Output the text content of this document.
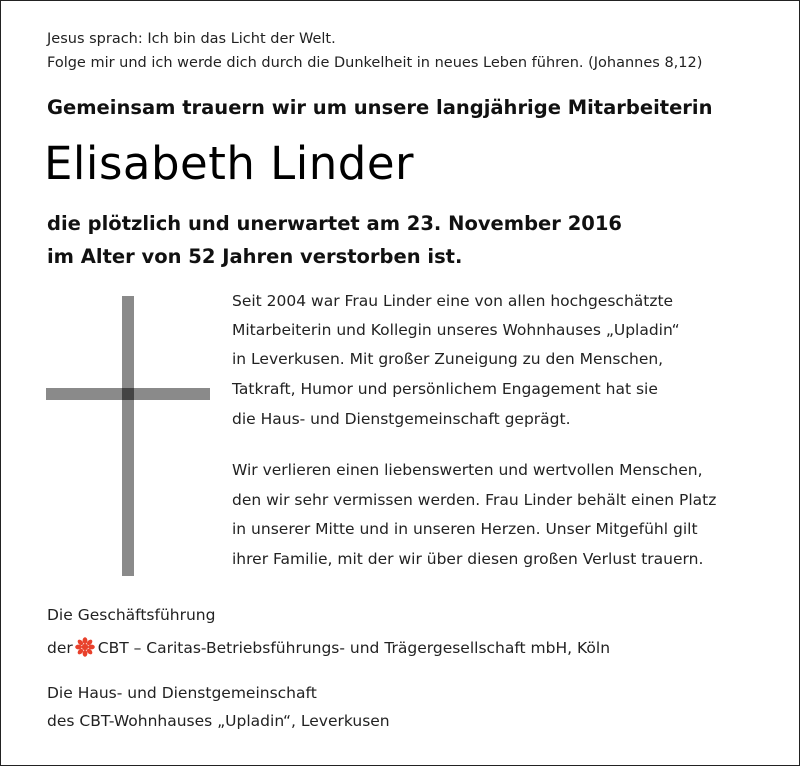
Jesus sprach: Ich bin das Licht der Welt.
Folge mir und ich werde dich durch die Dunkelheit in neues Leben führen. (Johannes 8,12)
Gemeinsam trauern wir um unsere langjährige Mitarbeiterin
Elisabeth Linder
die plötzlich und unerwartet am 23. November 2016
im Alter von 52 Jahren verstorben ist.
Seit 2004 war Frau Linder eine von allen hochgeschätzte
Mitarbeiterin und Kollegin unseres Wohnhauses „Upladin“
in Leverkusen. Mit großer Zuneigung zu den Menschen,
Tatkraft, Humor und persönlichem Engagement hat sie
die Haus- und Dienstgemeinschaft geprägt.
Wir verlieren einen liebenswerten und wertvollen Menschen,
den wir sehr vermissen werden. Frau Linder behält einen Platz
in unserer Mitte und in unseren Herzen. Unser Mitgefühl gilt
ihrer Familie, mit der wir über diesen großen Verlust trauern.
Die Geschäftsführung
der CBT – Caritas-Betriebsführungs- und Trägergesellschaft mbH, Köln
Die Haus- und Dienstgemeinschaft
des CBT-Wohnhauses „Upladin“, Leverkusen
